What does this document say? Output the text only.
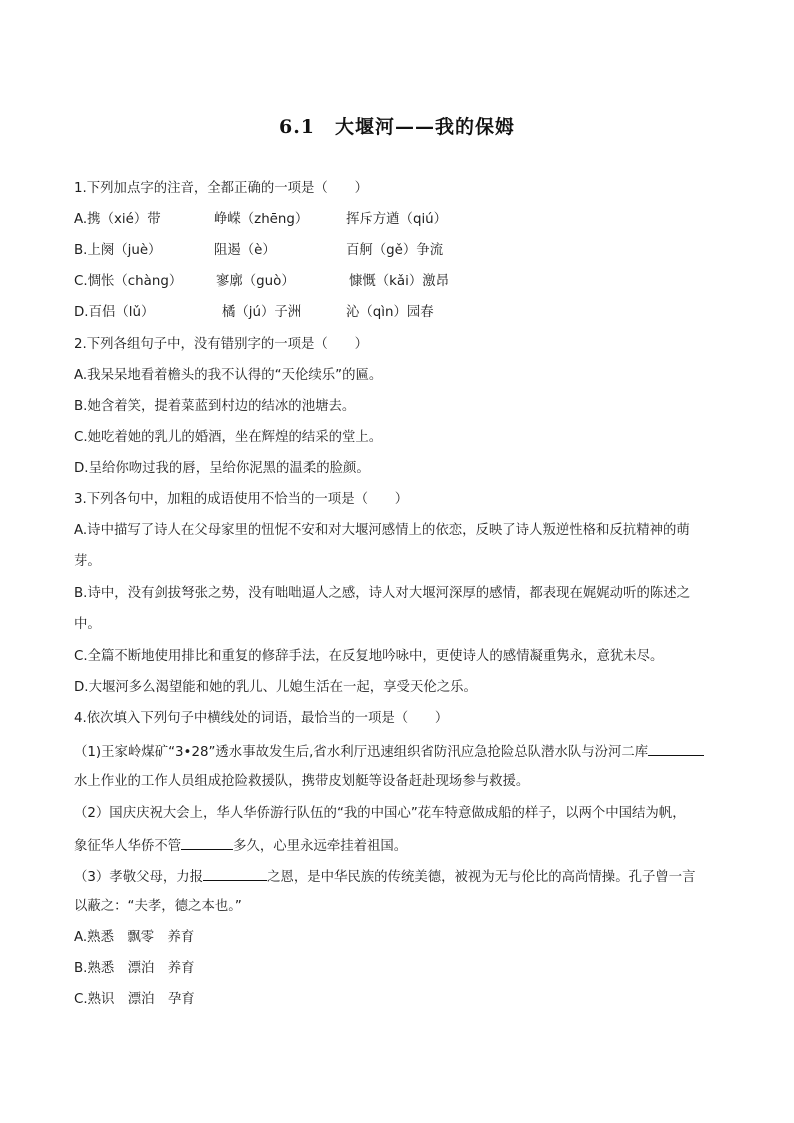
6.1　大堰河——我的保姆
1.下列加点字的注音，全都正确的一项是（　　）
A.携（xié）带	峥嵘（zhēng）	挥斥方遒（qiú）
B.上阕（juè）	阻遏（è）	百舸（gě）争流
C.惆怅（chàng）	寥廓（guò）	慷慨（kǎi）激昂
D.百侣（lǔ）	橘（jú）子洲	沁（qìn）园春
2.下列各组句子中，没有错别字的一项是（　　）
A.我呆呆地看着檐头的我不认得的“天伦续乐”的匾。
B.她含着笑，提着菜蓝到村边的结冰的池塘去。
C.她吃着她的乳儿的婚酒，坐在辉煌的结采的堂上。
D.呈给你吻过我的唇，呈给你泥黑的温柔的脸颜。
3.下列各句中，加粗的成语使用不恰当的一项是（　　）
A.诗中描写了诗人在父母家里的忸怩不安和对大堰河感情上的依恋，反映了诗人叛逆性格和反抗精神的萌
芽。
B.诗中，没有剑拔弩张之势，没有咄咄逼人之感，诗人对大堰河深厚的感情，都表现在娓娓动听的陈述之
中。
C.全篇不断地使用排比和重复的修辞手法，在反复地吟咏中，更使诗人的感情凝重隽永，意犹未尽。
D.大堰河多么渴望能和她的乳儿、儿媳生活在一起，享受天伦之乐。
4.依次填入下列句子中横线处的词语，最恰当的一项是（　　）
（1)王家岭煤矿“3•28”透水事故发生后,省水利厅迅速组织省防汛应急抢险总队潜水队与汾河二库
水上作业的工作人员组成抢险救援队，携带皮划艇等设备赶赴现场参与救援。
（2）国庆庆祝大会上，华人华侨游行队伍的“我的中国心”花车特意做成船的样子，以两个中国结为帆，
象征华人华侨不管	多久，心里永远牵挂着祖国。
（3）孝敬父母，力报	之恩，是中华民族的传统美德，被视为无与伦比的高尚情操。孔子曾一言
以蔽之：“夫孝，德之本也。”
A.熟悉　飘零　养育
B.熟悉　漂泊　养育
C.熟识　漂泊　孕育
